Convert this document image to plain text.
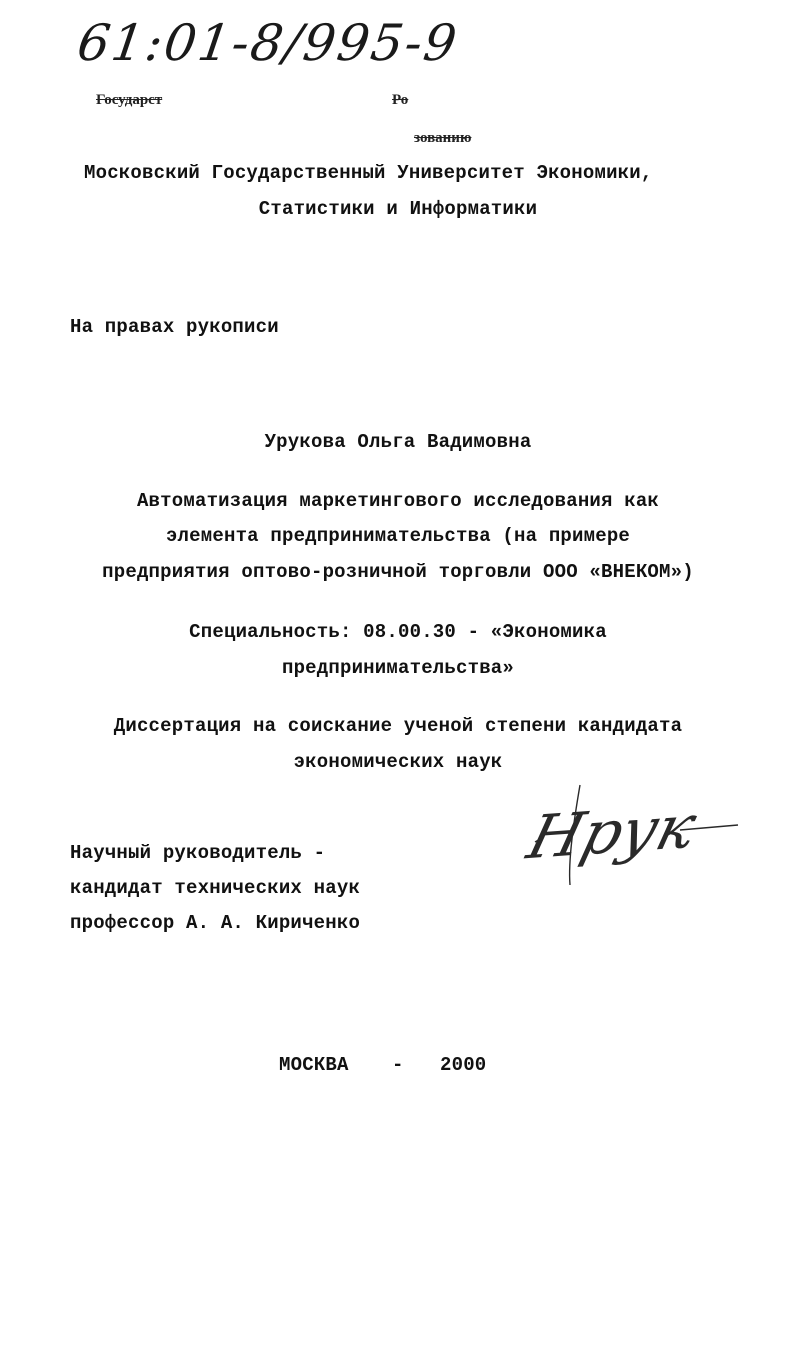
61:01-8/995-9
Государст	Ро
зованию
Московский Государственный Университет Экономики,
Статистики и Информатики
На правах рукописи
Урукова Ольга Вадимовна
Автоматизация маркетингового исследования как
элемента предпринимательства (на примере
предприятия оптово-розничной торговли ООО «ВНЕКОМ»)
Специальность: 08.00.30 - «Экономика
предпринимательства»
Диссертация на соискание ученой степени кандидата
экономических наук
Научный руководитель -
кандидат технических наук
профессор А. А. Кириченко
Нрук
МОСКВА - 2000
